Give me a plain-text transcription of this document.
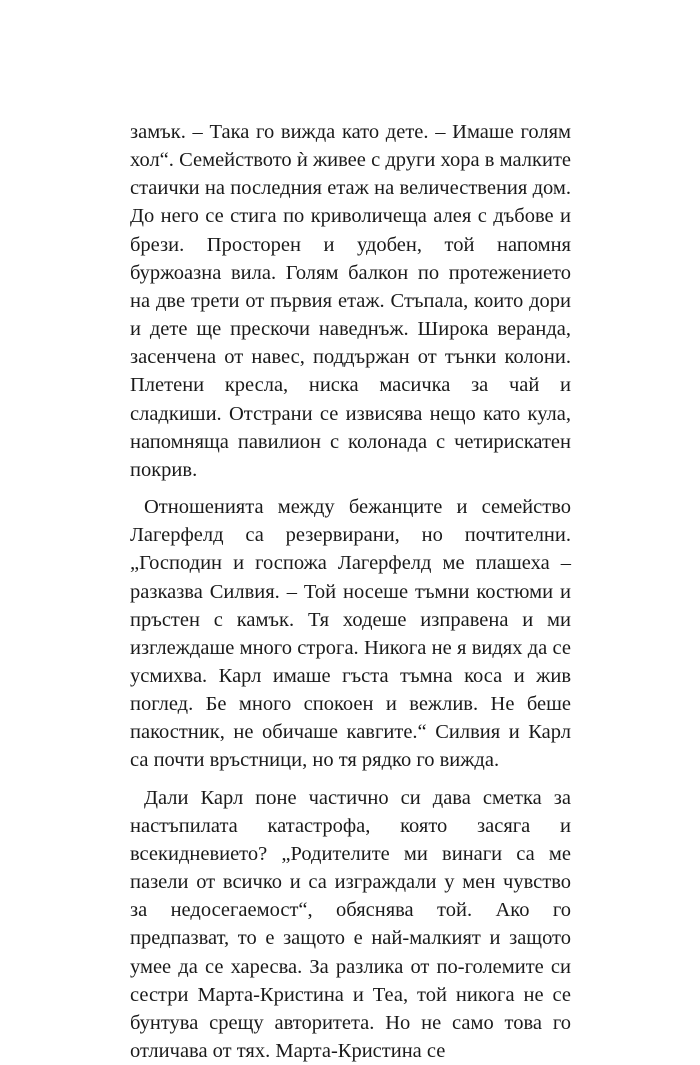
замък. – Така го вижда като дете. – Имаше голям хол“. Семейството ѝ живее с други хора в малките стаички на последния етаж на величествения дом. До него се стига по криволичеща алея с дъбове и брези. Просторен и удобен, той напомня буржоазна вила. Голям балкон по протежението на две трети от първия етаж. Стъпала, които дори и дете ще прескочи наведнъж. Широка веранда, засенчена от навес, поддържан от тънки колони. Плетени кресла, ниска масичка за чай и сладкиши. Отстрани се извисява нещо като кула, напомняща павилион с колонада с четирискатен покрив.

Отношенията между бежанците и семейство Лагерфелд са резервирани, но почтителни. „Господин и госпожа Лагерфелд ме плашеха – разказва Силвия. – Той носеше тъмни костюми и пръстен с камък. Тя ходеше изправена и ми изглеждаше много строга. Никога не я видях да се усмихва. Карл имаше гъста тъмна коса и жив поглед. Бе много спокоен и вежлив. Не беше пакостник, не обичаше кавгите.“ Силвия и Карл са почти връстници, но тя рядко го вижда.

Дали Карл поне частично си дава сметка за настъпилата катастрофа, която засяга и всекидневието? „Родителите ми винаги са ме пазели от всичко и са изграждали у мен чувство за недосегаемост“, обяснява той. Ако го предпазват, то е защото е най-малкият и защото умее да се харесва. За разлика от по-големите си сестри Марта-Кристина и Теа, той никога не се бунтува срещу авторитета. Но не само това го отличава от тях. Марта-Кристина се
